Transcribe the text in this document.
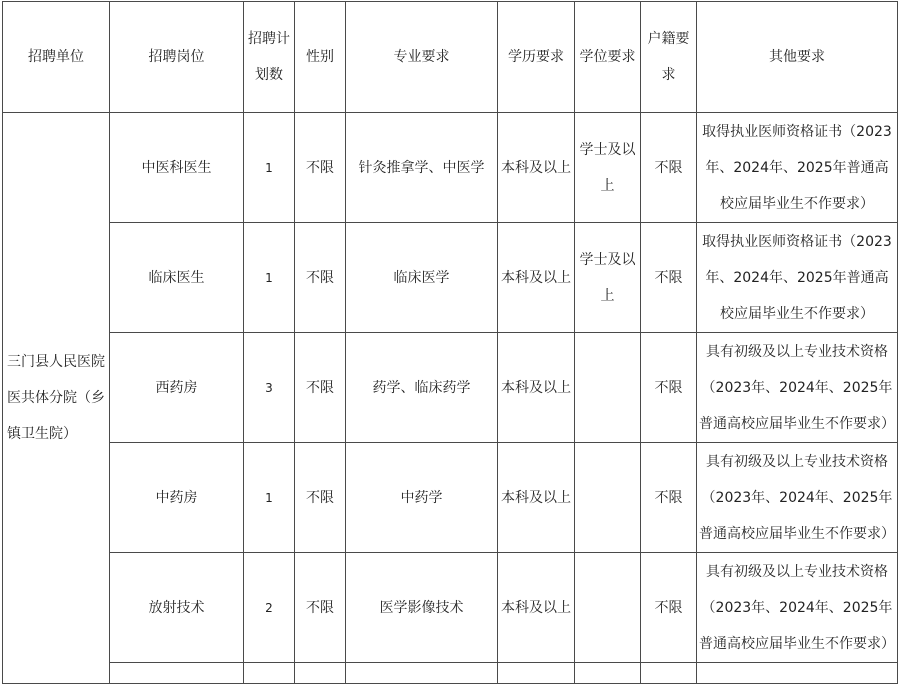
招聘单位	招聘岗位	招聘计划数	性别	专业要求	学历要求	学位要求	户籍要求	其他要求
三门县人民医院医共体分院（乡镇卫生院）	中医科医生	1	不限	针灸推拿学、中医学	本科及以上	学士及以上	不限	取得执业医师资格证书（2023年、2024年、2025年普通高校应届毕业生不作要求）
	临床医生	1	不限	临床医学	本科及以上	学士及以上	不限	取得执业医师资格证书（2023年、2024年、2025年普通高校应届毕业生不作要求）
	西药房	3	不限	药学、临床药学	本科及以上		不限	具有初级及以上专业技术资格（2023年、2024年、2025年普通高校应届毕业生不作要求）
	中药房	1	不限	中药学	本科及以上		不限	具有初级及以上专业技术资格（2023年、2024年、2025年普通高校应届毕业生不作要求）
	放射技术	2	不限	医学影像技术	本科及以上		不限	具有初级及以上专业技术资格（2023年、2024年、2025年普通高校应届毕业生不作要求）
